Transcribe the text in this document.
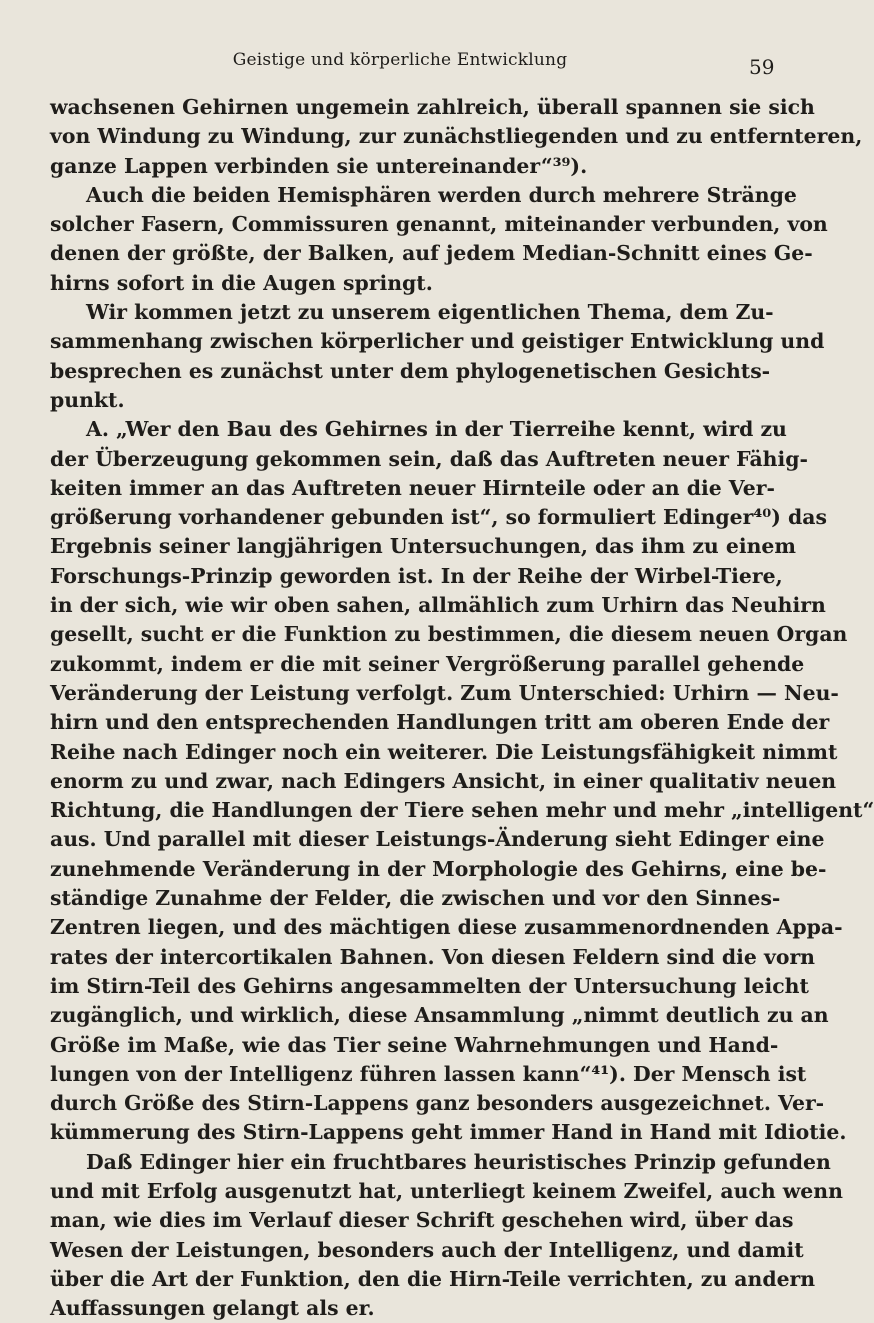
Geistige und körperliche Entwicklung	59
wachsenen Gehirnen ungemein zahlreich, überall spannen sie sich
von Windung zu Windung, zur zunächstliegenden und zu entfernteren,
ganze Lappen verbinden sie untereinander“³⁹).
Auch die beiden Hemisphären werden durch mehrere Stränge
solcher Fasern, Commissuren genannt, miteinander verbunden, von
denen der größte, der Balken, auf jedem Median-Schnitt eines Ge-
hirns sofort in die Augen springt.
Wir kommen jetzt zu unserem eigentlichen Thema, dem Zu-
sammenhang zwischen körperlicher und geistiger Entwicklung und
besprechen es zunächst unter dem phylogenetischen Gesichts-
punkt.
A. „Wer den Bau des Gehirnes in der Tierreihe kennt, wird zu
der Überzeugung gekommen sein, daß das Auftreten neuer Fähig-
keiten immer an das Auftreten neuer Hirnteile oder an die Ver-
größerung vorhandener gebunden ist“, so formuliert Edinger⁴⁰) das
Ergebnis seiner langjährigen Untersuchungen, das ihm zu einem
Forschungs-Prinzip geworden ist. In der Reihe der Wirbel-Tiere,
in der sich, wie wir oben sahen, allmählich zum Urhirn das Neuhirn
gesellt, sucht er die Funktion zu bestimmen, die diesem neuen Organ
zukommt, indem er die mit seiner Vergrößerung parallel gehende
Veränderung der Leistung verfolgt. Zum Unterschied: Urhirn — Neu-
hirn und den entsprechenden Handlungen tritt am oberen Ende der
Reihe nach Edinger noch ein weiterer. Die Leistungsfähigkeit nimmt
enorm zu und zwar, nach Edingers Ansicht, in einer qualitativ neuen
Richtung, die Handlungen der Tiere sehen mehr und mehr „intelligent“
aus. Und parallel mit dieser Leistungs-Änderung sieht Edinger eine
zunehmende Veränderung in der Morphologie des Gehirns, eine be-
ständige Zunahme der Felder, die zwischen und vor den Sinnes-
Zentren liegen, und des mächtigen diese zusammenordnenden Appa-
rates der intercortikalen Bahnen. Von diesen Feldern sind die vorn
im Stirn-Teil des Gehirns angesammelten der Untersuchung leicht
zugänglich, und wirklich, diese Ansammlung „nimmt deutlich zu an
Größe im Maße, wie das Tier seine Wahrnehmungen und Hand-
lungen von der Intelligenz führen lassen kann“⁴¹). Der Mensch ist
durch Größe des Stirn-Lappens ganz besonders ausgezeichnet. Ver-
kümmerung des Stirn-Lappens geht immer Hand in Hand mit Idiotie.
Daß Edinger hier ein fruchtbares heuristisches Prinzip gefunden
und mit Erfolg ausgenutzt hat, unterliegt keinem Zweifel, auch wenn
man, wie dies im Verlauf dieser Schrift geschehen wird, über das
Wesen der Leistungen, besonders auch der Intelligenz, und damit
über die Art der Funktion, den die Hirn-Teile verrichten, zu andern
Auffassungen gelangt als er.
